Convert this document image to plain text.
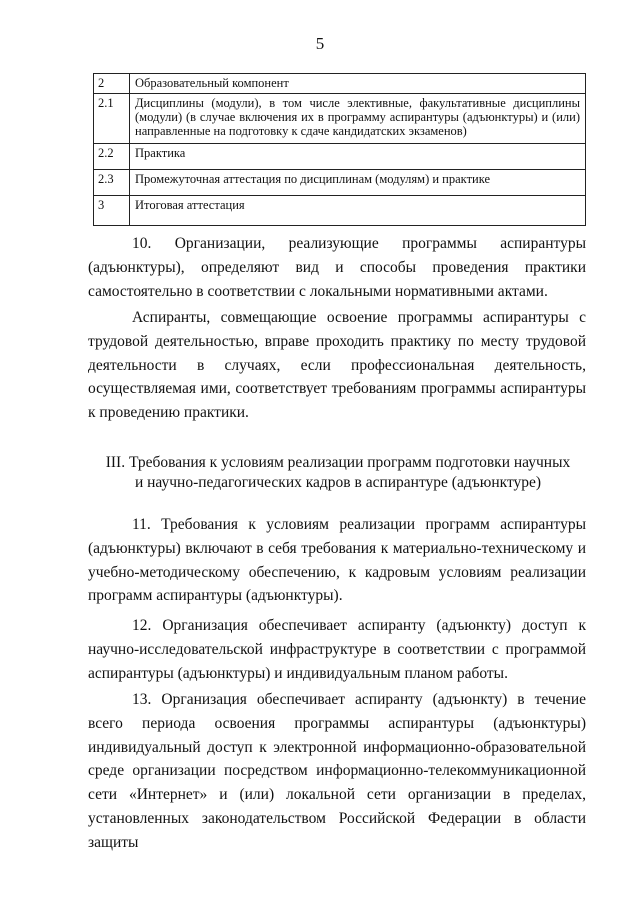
5
2	Образовательный компонент
2.1	Дисциплины (модули), в том числе элективные, факультативные дисциплины (модули) (в случае включения их в программу аспирантуры (адъюнктуры) и (или) направленные на подготовку к сдаче кандидатских экзаменов)
2.2	Практика
2.3	Промежуточная аттестация по дисциплинам (модулям) и практике
3	Итоговая аттестация

10. Организации, реализующие программы аспирантуры (адъюнктуры), определяют вид и способы проведения практики самостоятельно в соответствии с локальными нормативными актами.

Аспиранты, совмещающие освоение программы аспирантуры с трудовой деятельностью, вправе проходить практику по месту трудовой деятельности в случаях, если профессиональная деятельность, осуществляемая ими, соответствует требованиям программы аспирантуры к проведению практики.

III. Требования к условиям реализации программ подготовки научных
и научно-педагогических кадров в аспирантуре (адъюнктуре)

11. Требования к условиям реализации программ аспирантуры (адъюнктуры) включают в себя требования к материально-техническому и учебно-методическому обеспечению, к кадровым условиям реализации программ аспирантуры (адъюнктуры).

12. Организация обеспечивает аспиранту (адъюнкту) доступ к научно-исследовательской инфраструктуре в соответствии с программой аспирантуры (адъюнктуры) и индивидуальным планом работы.

13. Организация обеспечивает аспиранту (адъюнкту) в течение всего периода освоения программы аспирантуры (адъюнктуры) индивидуальный доступ к электронной информационно-образовательной среде организации посредством информационно-телекоммуникационной сети «Интернет» и (или) локальной сети организации в пределах, установленных законодательством Российской Федерации в области защиты
